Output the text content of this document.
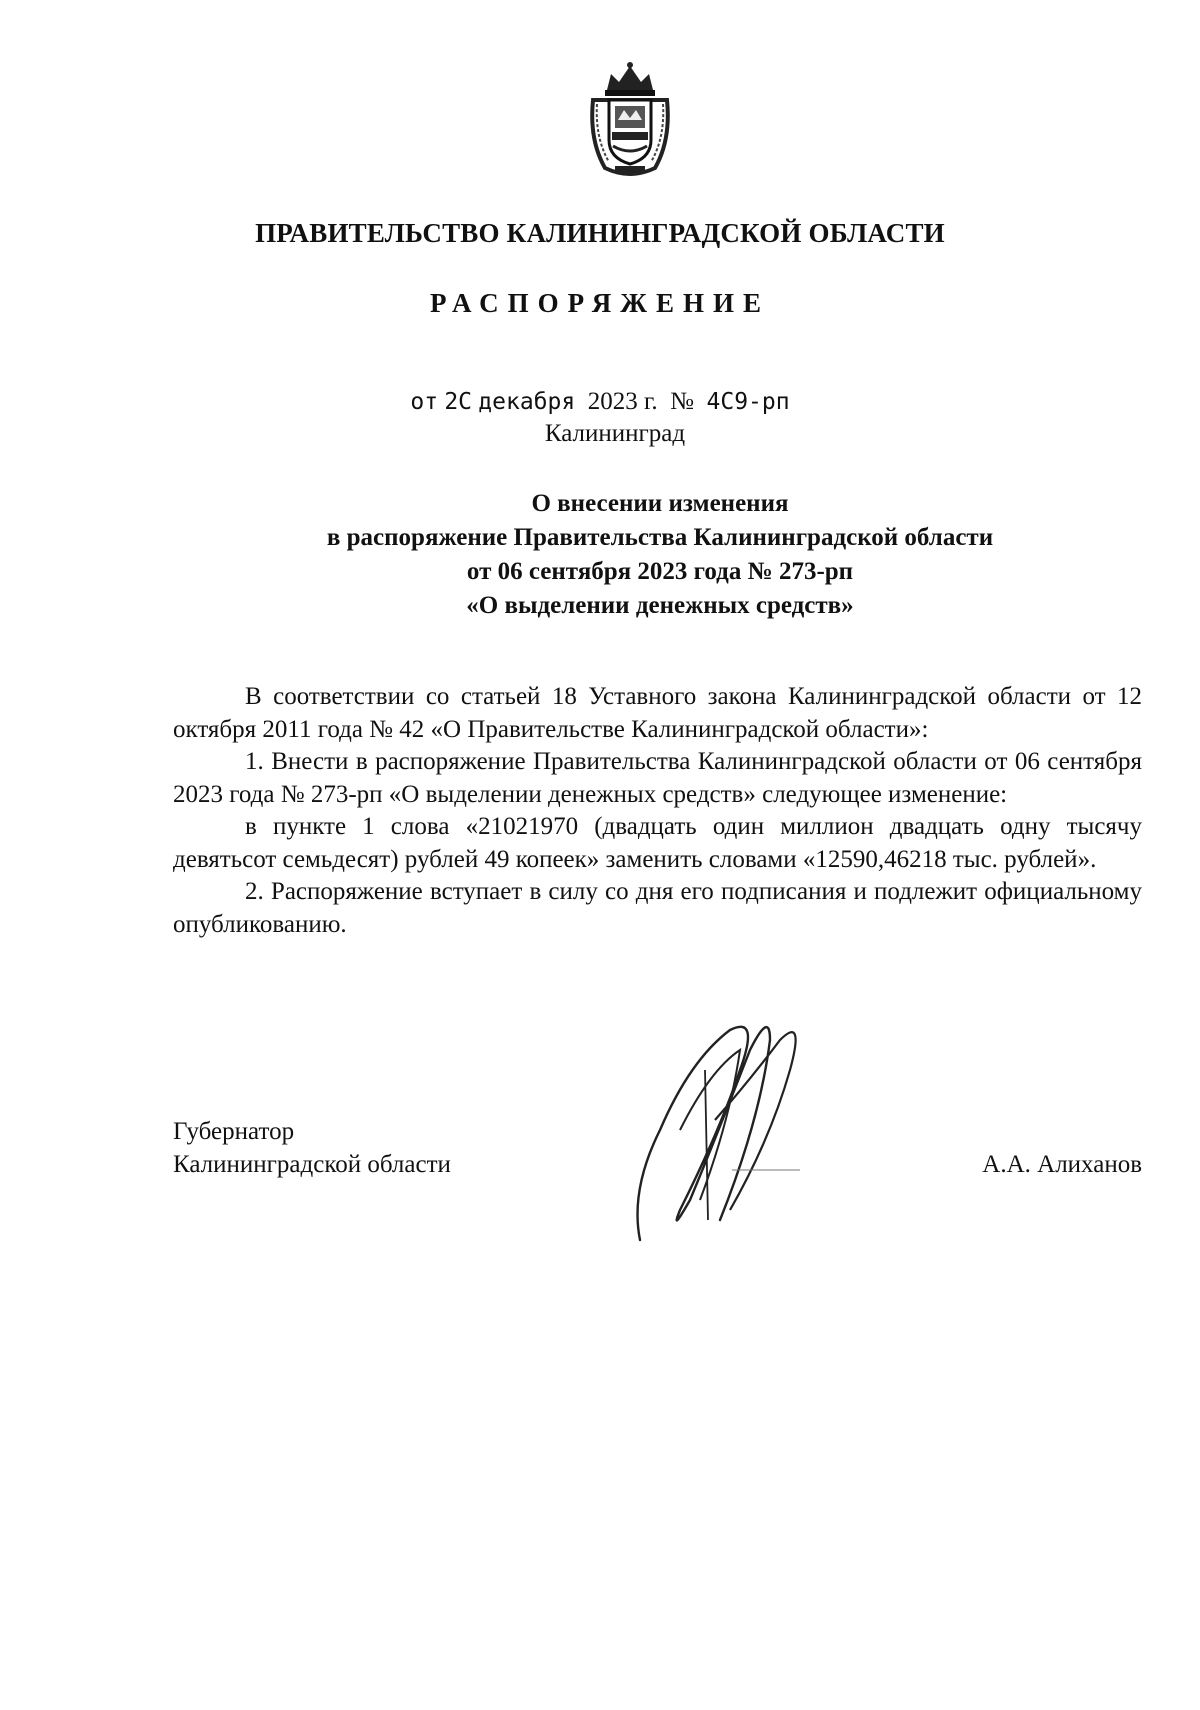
ПРАВИТЕЛЬСТВО КАЛИНИНГРАДСКОЙ ОБЛАСТИ
РАСПОРЯЖЕНИЕ
от 2С декабря 2023 г. № 4С9-рп
Калининград
О внесении изменения
в распоряжение Правительства Калининградской области
от 06 сентября 2023 года № 273-рп
«О выделении денежных средств»

В соответствии со статьей 18 Уставного закона Калининградской области от 12 октября 2011 года № 42 «О Правительстве Калининградской области»:

1. Внести в распоряжение Правительства Калининградской области от 06 сентября 2023 года № 273-рп «О выделении денежных средств» следующее изменение:

в пункте 1 слова «21021970 (двадцать один миллион двадцать одну тысячу девятьсот семьдесят) рублей 49 копеек» заменить словами «12590,46218 тыс. рублей».

2. Распоряжение вступает в силу со дня его подписания и подлежит официальному опубликованию.

Губернатор
Калининградской области	А.А. Алиханов
